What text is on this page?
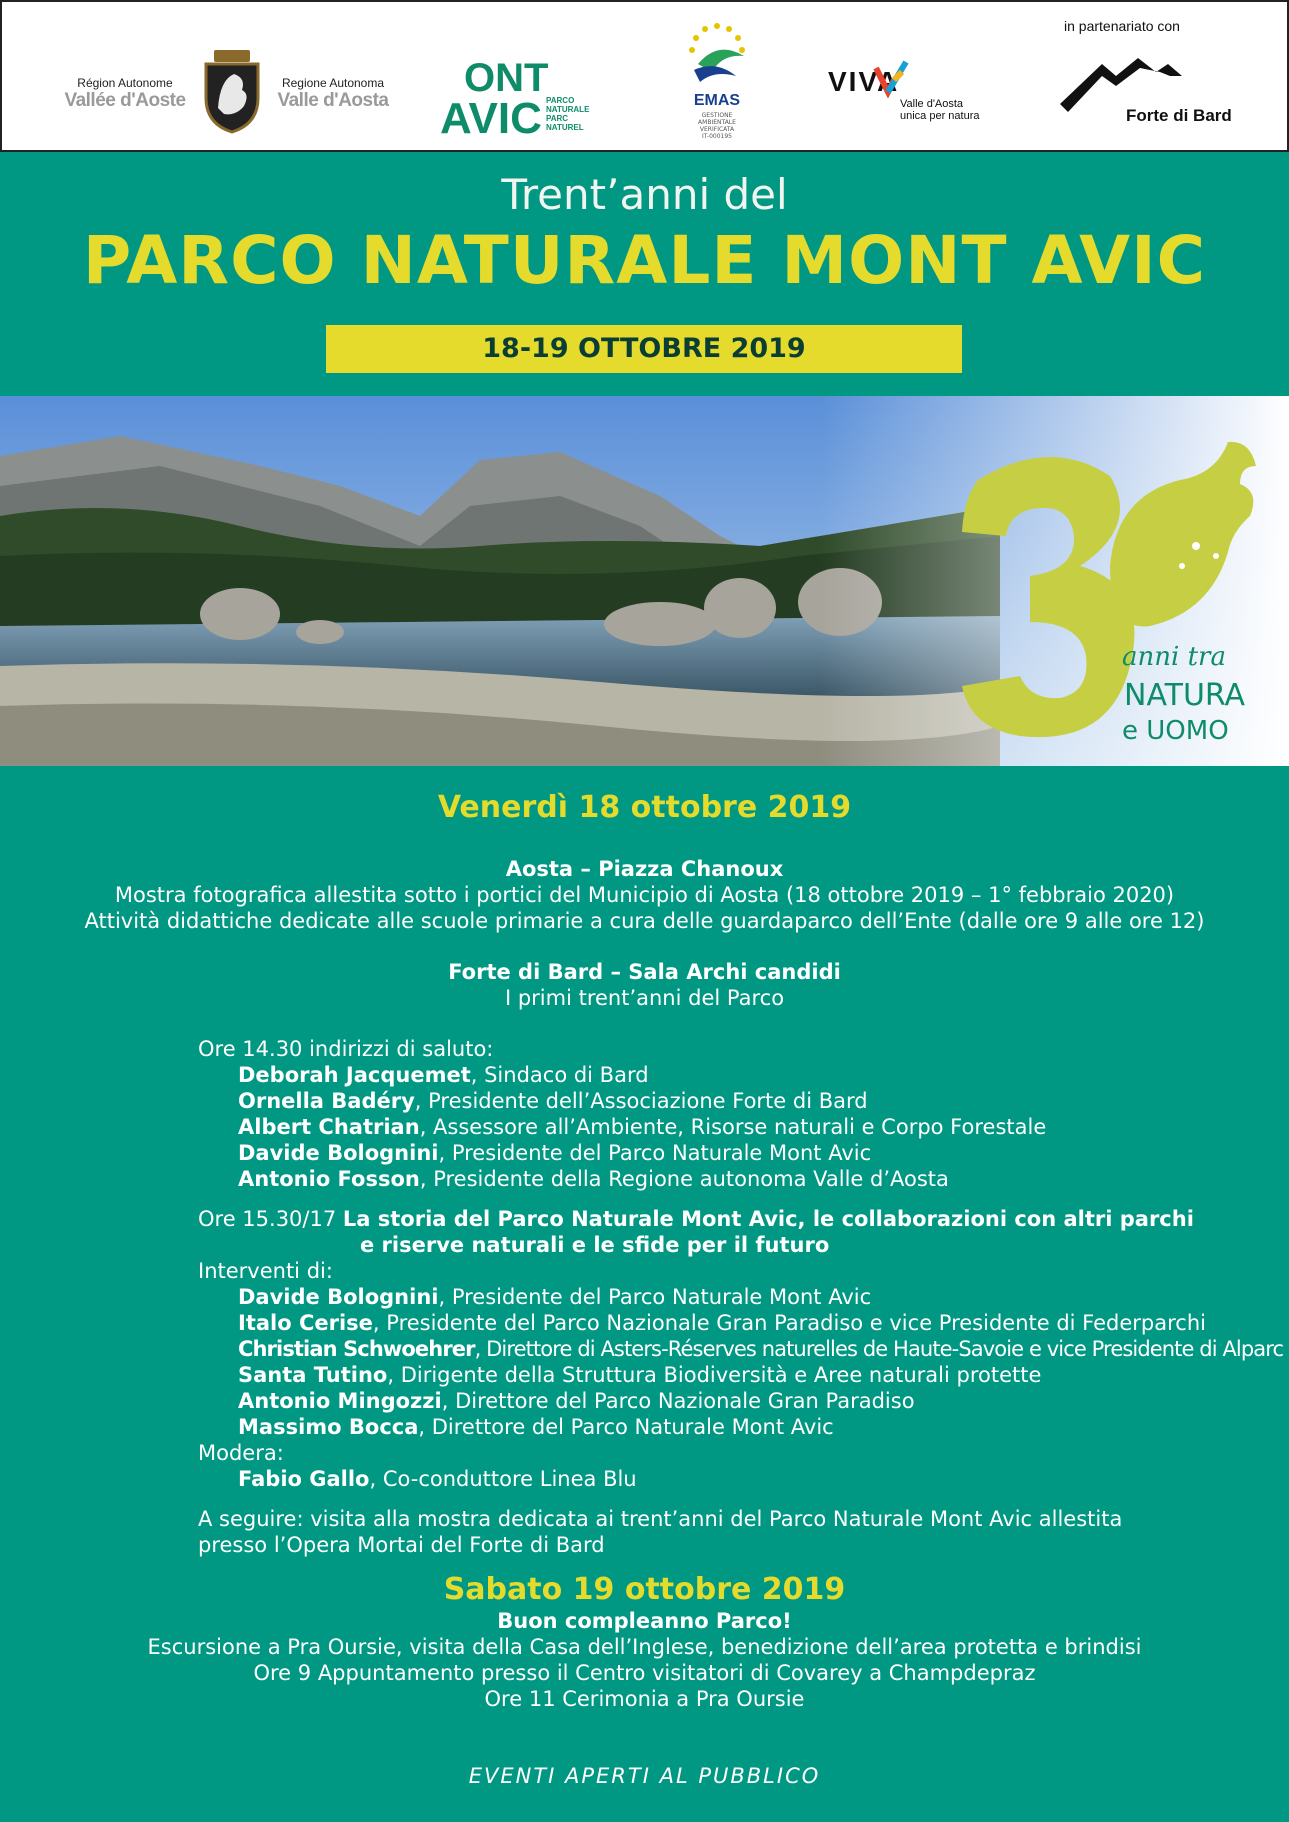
Région Autonome
Vallée d'Aoste
Regione Autonoma
Valle d'Aosta AVIC
ONT
PARCO
NATURALE
PARC
NATUREL
EMAS
GESTIONE
AMBIENTALE
VERIFICATA
IT-000195
VIVA
Valle d'Aosta
unica per natura
in partenariato con
Forte di Bard
Trent’anni del
PARCO NATURALE MONT AVIC
18-19 OTTOBRE 2019
anni tra
NATURA
e UOMO
Venerdì 18 ottobre 2019
Aosta – Piazza Chanoux
Mostra fotografica allestita sotto i portici del Municipio di Aosta (18 ottobre 2019 – 1° febbraio 2020)
Attività didattiche dedicate alle scuole primarie a cura delle guardaparco dell’Ente (dalle ore 9 alle ore 12)
Forte di Bard – Sala Archi candidi
I primi trent’anni del Parco
Ore 14.30 indirizzi di saluto:
Deborah Jacquemet, Sindaco di Bard
Ornella Badéry, Presidente dell’Associazione Forte di Bard
Albert Chatrian, Assessore all’Ambiente, Risorse naturali e Corpo Forestale
Davide Bolognini, Presidente del Parco Naturale Mont Avic
Antonio Fosson, Presidente della Regione autonoma Valle d’Aosta
Ore 15.30/17 La storia del Parco Naturale Mont Avic, le collaborazioni con altri parchi
e riserve naturali e le sfide per il futuro
Interventi di:
Davide Bolognini, Presidente del Parco Naturale Mont Avic
Italo Cerise, Presidente del Parco Nazionale Gran Paradiso e vice Presidente di Federparchi
Christian Schwoehrer, Direttore di Asters-Réserves naturelles de Haute-Savoie e vice Presidente di Alparc
Santa Tutino, Dirigente della Struttura Biodiversità e Aree naturali protette
Antonio Mingozzi, Direttore del Parco Nazionale Gran Paradiso
Massimo Bocca, Direttore del Parco Naturale Mont Avic
Modera:
Fabio Gallo, Co-conduttore Linea Blu
A seguire: visita alla mostra dedicata ai trent’anni del Parco Naturale Mont Avic allestita
presso l’Opera Mortai del Forte di Bard
Sabato 19 ottobre 2019
Buon compleanno Parco!
Escursione a Pra Oursie, visita della Casa dell’Inglese, benedizione dell’area protetta e brindisi
Ore 9 Appuntamento presso il Centro visitatori di Covarey a Champdepraz
Ore 11 Cerimonia a Pra Oursie
EVENTI APERTI AL PUBBLICO
